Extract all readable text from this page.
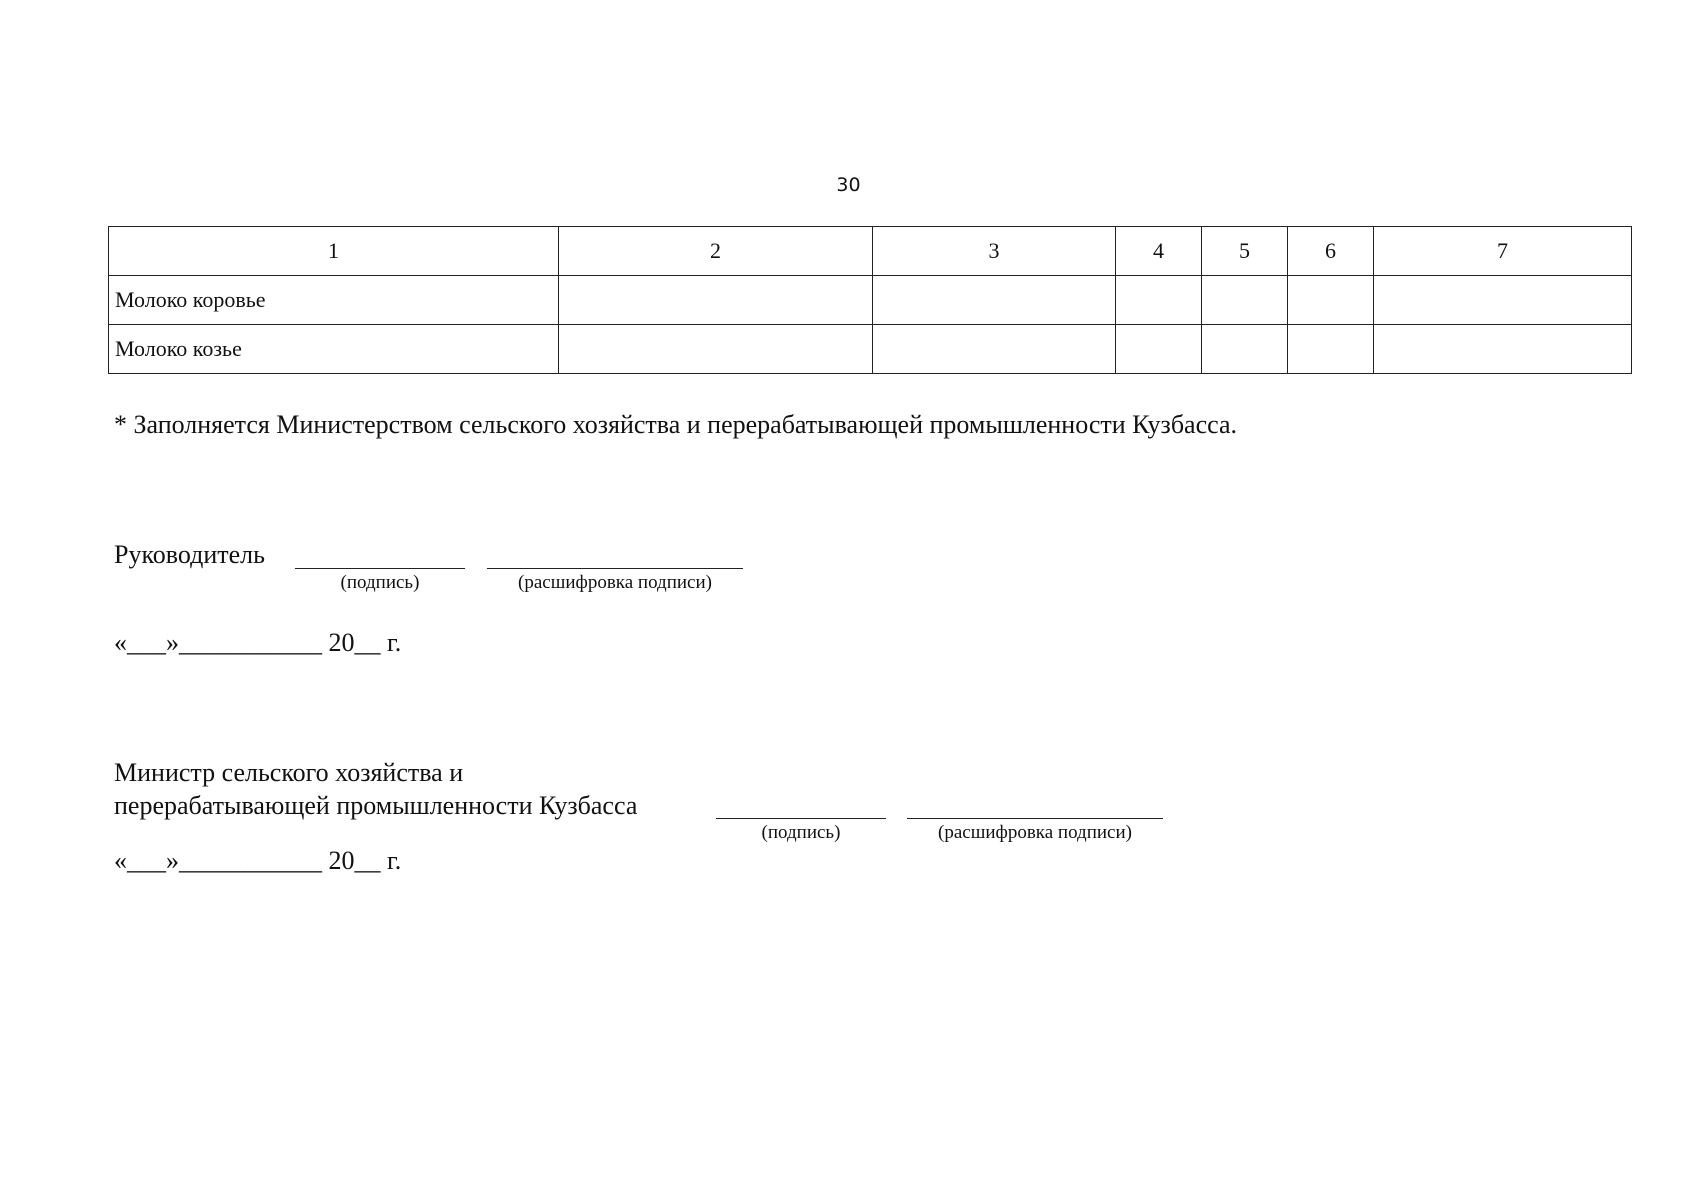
30
1	2	3	4	5	6	7
Молоко коровье						
Молоко козье						
* Заполняется Министерством сельского хозяйства и перерабатывающей промышленности Кузбасса.
Руководитель
(подпись)	(расшифровка подписи)
«___»___________ 20__ г.
Министр сельского хозяйства и
перерабатывающей промышленности Кузбасса
(подпись)	(расшифровка подписи)
«___»___________ 20__ г.
